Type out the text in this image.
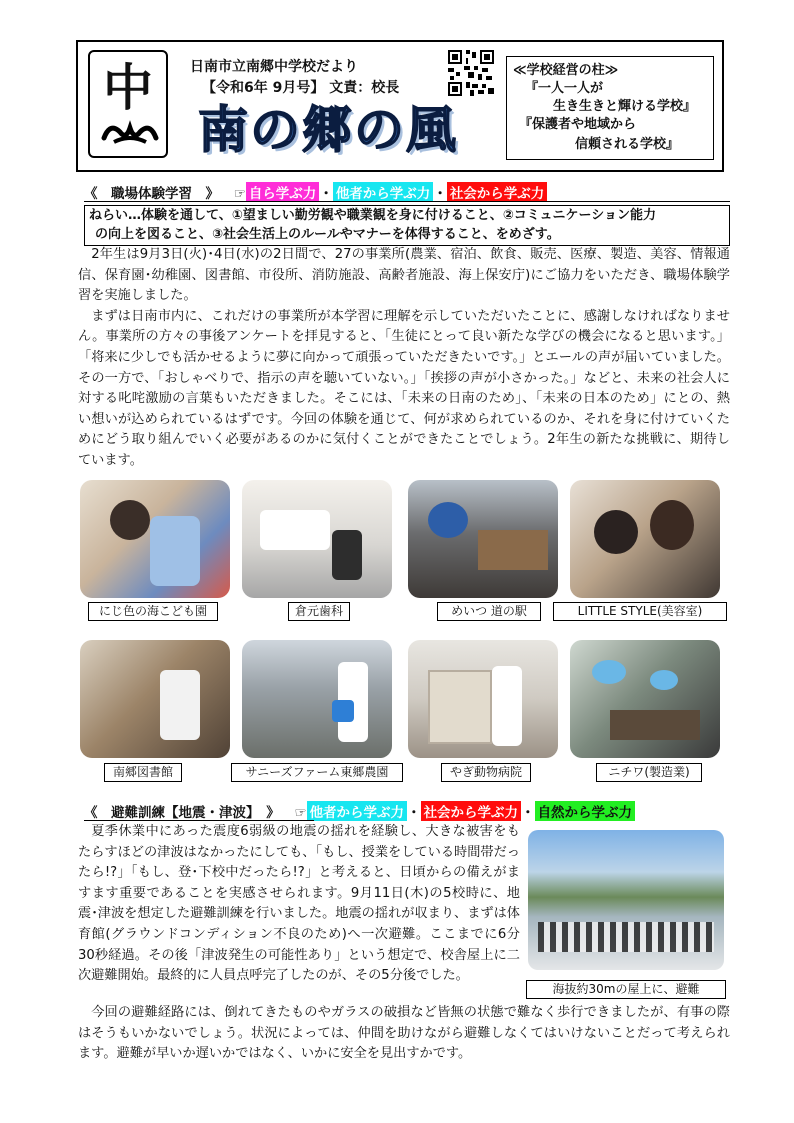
中	日南市立南郷中学校だより
【令和6年 9月号】 文責：校長
南の郷の風
≪学校経営の柱≫
『一人一人が
生き生きと輝ける学校』
『保護者や地域から
信頼される学校』
《　職場体験学習　》 ☞ 自ら学ぶ力 ・ 他者から学ぶ力 ・ 社会から学ぶ力
ねらい…体験を通して、①望ましい勤労観や職業観を身に付けること、②コミュニケーション能力
の向上を図ること、③社会生活上のルールやマナーを体得すること、をめざす。

2年生は9月3日(火)･4日(水)の2日間で、27の事業所(農業、宿泊、飲食、販売、医療、製造、美容、情報通信、保育園･幼稚園、図書館、市役所、消防施設、高齢者施設、海上保安庁)にご協力をいただき、職場体験学習を実施しました。

まずは日南市内に、これだけの事業所が本学習に理解を示していただいたことに、感謝しなければなりません。事業所の方々の事後アンケートを拝見すると、「生徒にとって良い新たな学びの機会になると思います。」「将来に少しでも活かせるように夢に向かって頑張っていただきたいです。」とエールの声が届いていました。その一方で、「おしゃべりで、指示の声を聴いていない。」「挨拶の声が小さかった。」などと、未来の社会人に対する叱咤激励の言葉もいただきました。そこには、「未来の日南のため」、「未来の日本のため」にとの、熱い想いが込められているはずです。今回の体験を通じて、何が求められているのか、それを身に付けていくためにどう取り組んでいく必要があるのかに気付くことができたことでしょう。2年生の新たな挑戦に、期待しています。

にじ色の海こども園	倉元歯科	めいつ 道の駅	LITTLE STYLE(美容室)
南郷図書館	サニーズファーム東郷農園	やぎ動物病院	ニチワ(製造業)
《　避難訓練【地震・津波】　》 ☞ 他者から学ぶ力 ・ 社会から学ぶ力 ・ 自然から学ぶ力

夏季休業中にあった震度6弱級の地震の揺れを経験し、大きな被害をもたらすほどの津波はなかったにしても、「もし、授業をしている時間帯だったら!?」「もし、登･下校中だったら!?」と考えると、日頃からの備えがますます重要であることを実感させられます。9月11日(木)の5校時に、地震･津波を想定した避難訓練を行いました。地震の揺れが収まり、まずは体育館(グラウンドコンディション不良のため)へ一次避難。ここまでに6分30秒経過。その後「津波発生の可能性あり」という想定で、校舎屋上に二次避難開始。最終的に人員点呼完了したのが、その5分後でした。

今回の避難経路には、倒れてきたものやガラスの破損など皆無の状態で難なく歩行できましたが、有事の際はそうもいかないでしょう。状況によっては、仲間を助けながら避難しなくてはいけないことだって考えられます。避難が早いか遅いかではなく、いかに安全を見出すかです。

海抜約30mの屋上に、避難
